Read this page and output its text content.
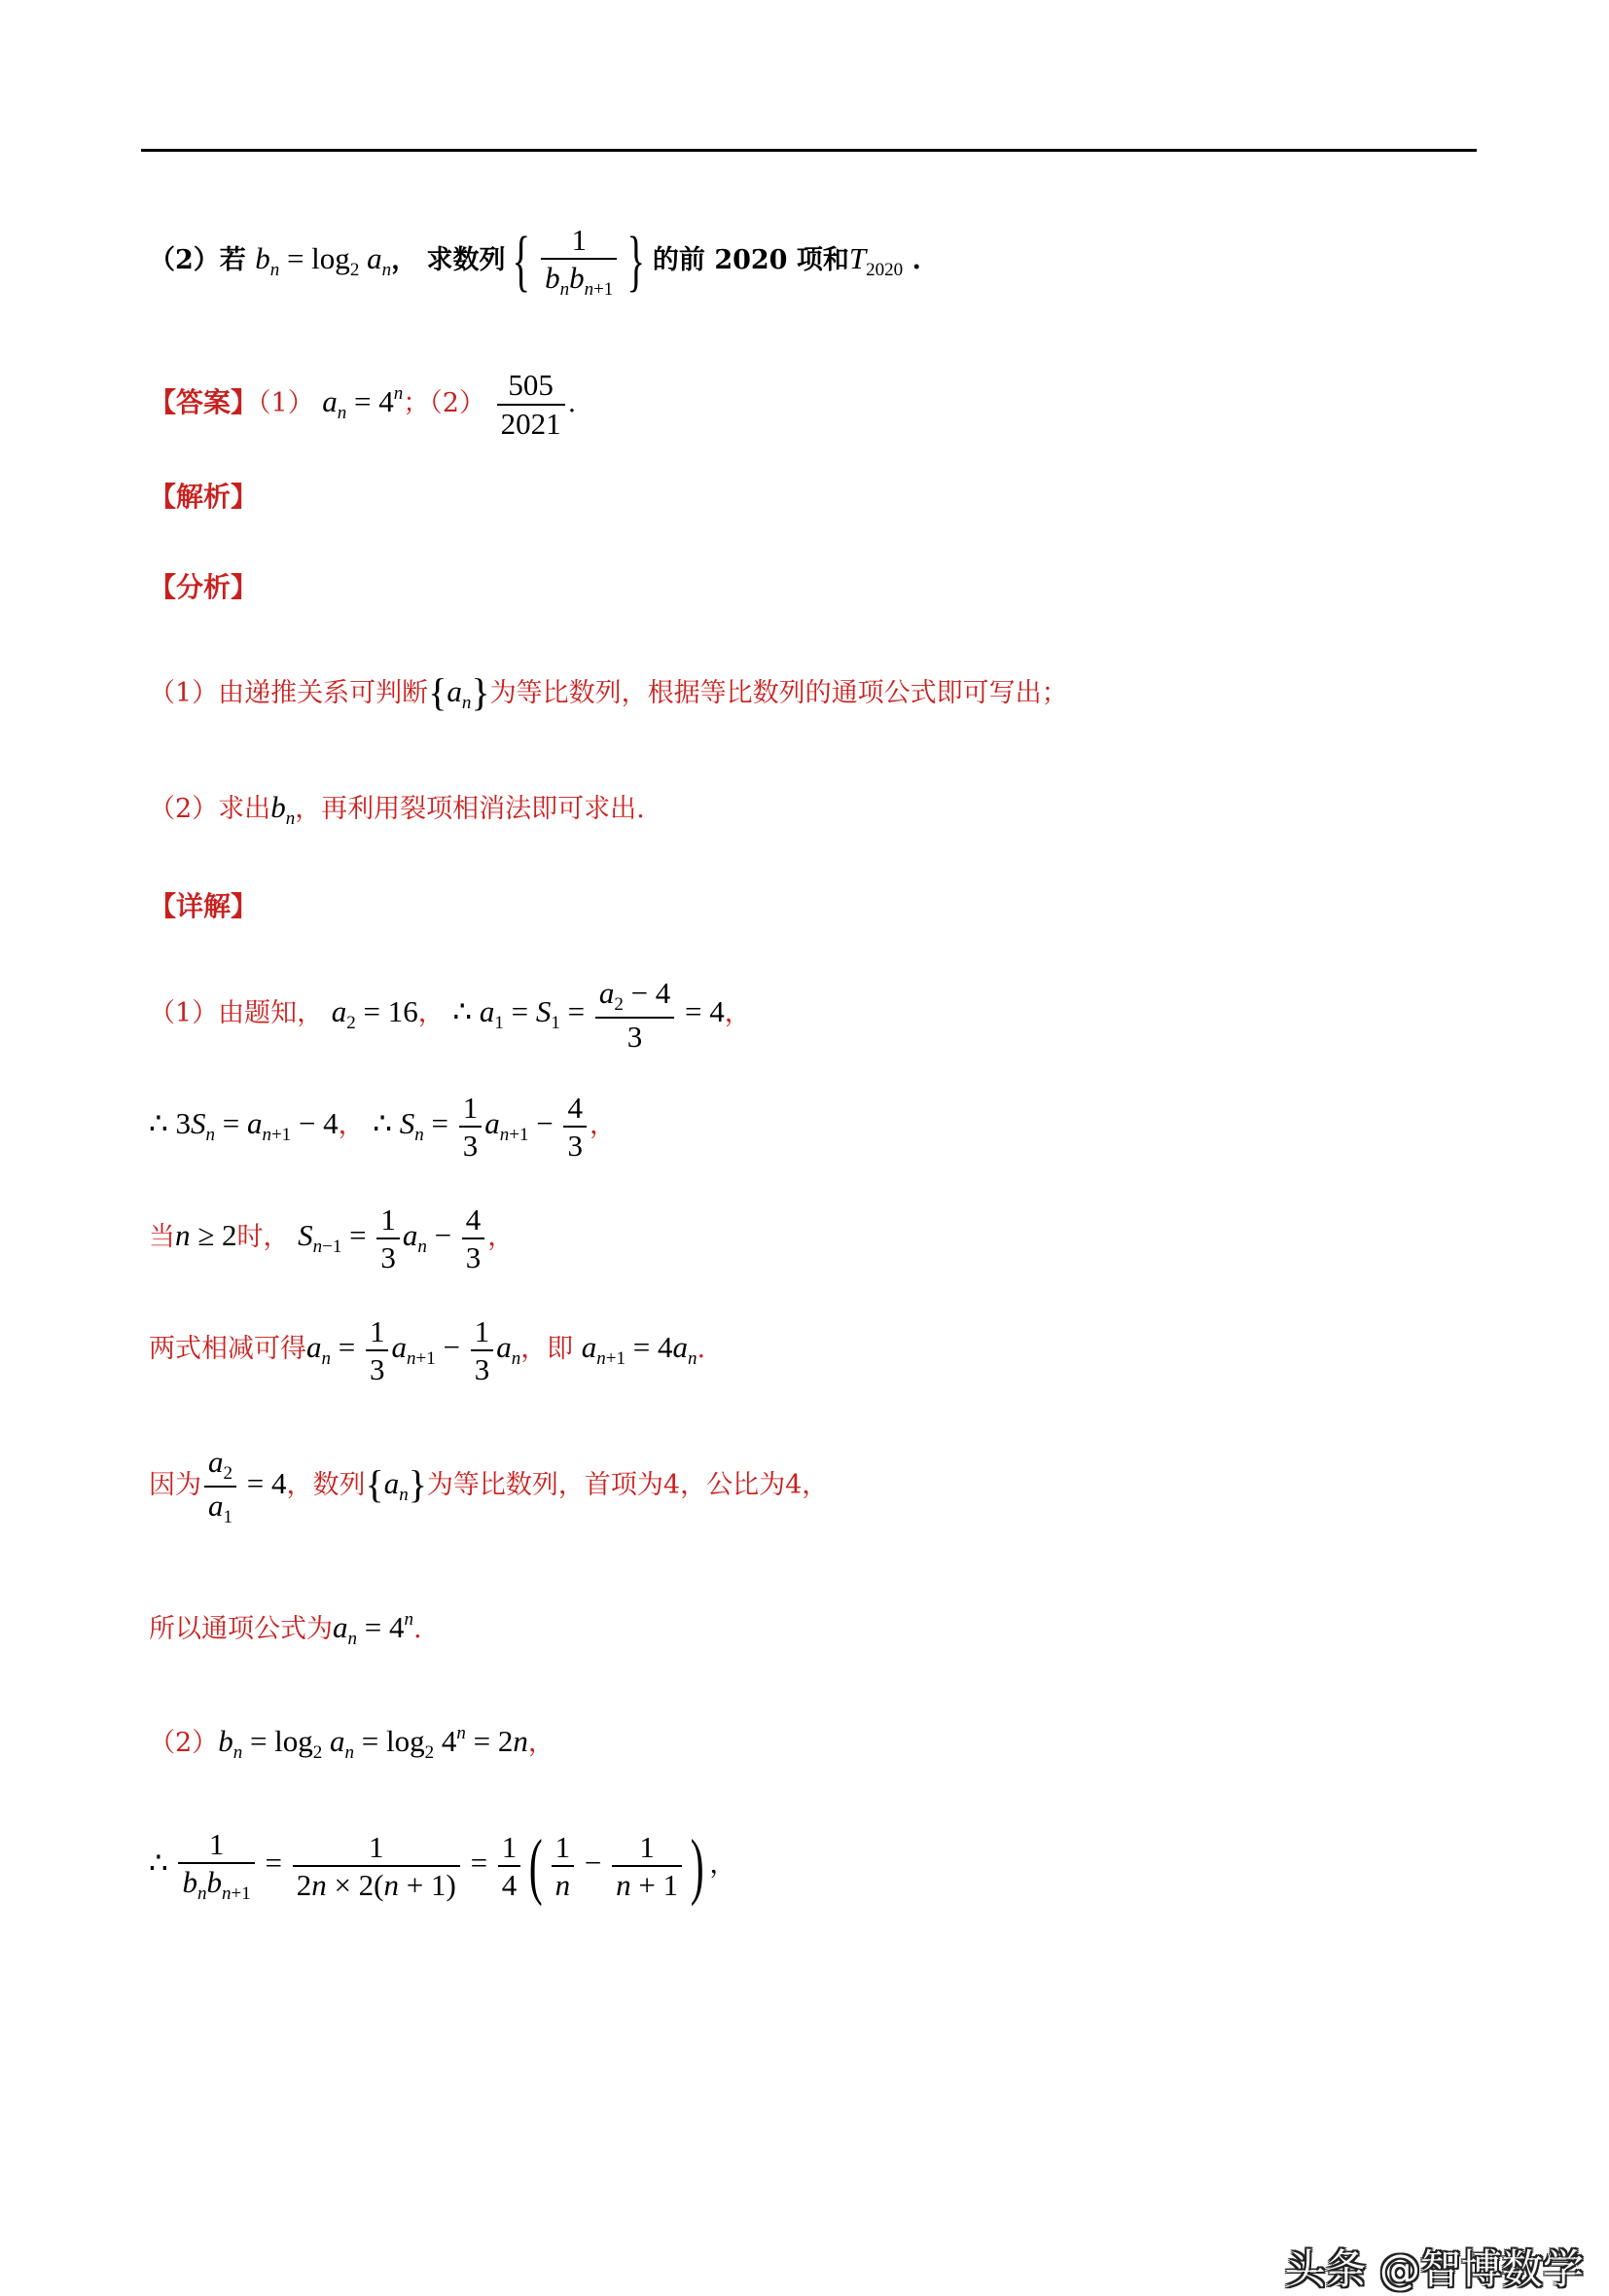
（2）若 $b_n = \log_2 a_n$， 求数列 { $\frac{1}{b_nb_{n+1}}$ } 的前 2020 项和$T_{2020}$ .
【答案】（1） $a_n = 4^n$；$(2) \frac{505}{2021}$ .
【解析】
【分析】
（1）由递推关系可判断$\{a_n\}$为等比数列，根据等比数列的通项公式即可写出；
（2）求出$b_n$，再利用裂项相消法即可求出.
【详解】
（1）由题知， $a_2 = 16$， ∴ $a_1 = S_1 = \frac{a_2 - 4}{3} = 4$，
∴ $3S_n = a_{n+1} - 4$， ∴ $S_n = \frac{1}{3} a_{n+1} - \frac{4}{3}$ ，
当n ≥ 2时， $S_{n-1} = \frac{1}{3} a_n - \frac{4}{3}$ ，
两式相减可得$a_n = \frac{1}{3} a_{n+1} - \frac{1}{3} a_n$，即 $a_{n+1} = 4a_n$.
因为 $\frac{a_2}{a_1} = 4$，数列$\{a_n\}$为等比数列，首项为4，公比为4，
所以通项公式为$a_n = 4^n$.
$(2)b_n = \log_2 a_n = \log_2 4^n = 2n$，
∴ $\frac{1}{b_nb_{n+1}} = \frac{1}{2n \times 2(n + 1)} = \frac{1}{4}$ ( $\frac{1}{n} - \frac{1}{n + 1}$ ) ，
头条 @智博数学
